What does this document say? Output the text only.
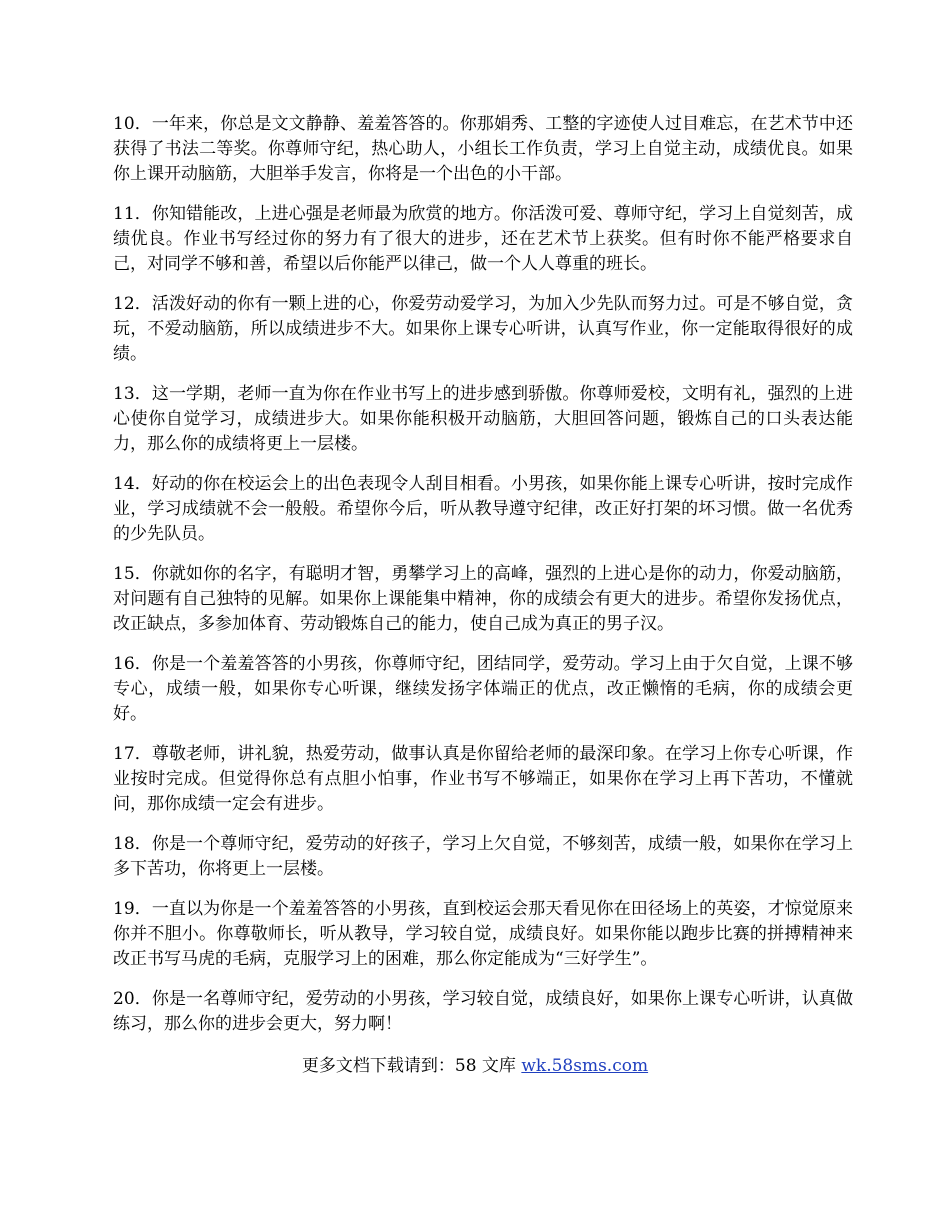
10．一年来，你总是文文静静、羞羞答答的。你那娟秀、工整的字迹使人过目难忘，在艺术节中还获得了书法二等奖。你尊师守纪，热心助人，小组长工作负责，学习上自觉主动，成绩优良。如果你上课开动脑筋，大胆举手发言，你将是一个出色的小干部。

11．你知错能改，上进心强是老师最为欣赏的地方。你活泼可爱、尊师守纪，学习上自觉刻苦，成绩优良。作业书写经过你的努力有了很大的进步，还在艺术节上获奖。但有时你不能严格要求自己，对同学不够和善，希望以后你能严以律己，做一个人人尊重的班长。

12．活泼好动的你有一颗上进的心，你爱劳动爱学习，为加入少先队而努力过。可是不够自觉，贪玩，不爱动脑筋，所以成绩进步不大。如果你上课专心听讲，认真写作业，你一定能取得很好的成绩。

13．这一学期，老师一直为你在作业书写上的进步感到骄傲。你尊师爱校，文明有礼，强烈的上进心使你自觉学习，成绩进步大。如果你能积极开动脑筋，大胆回答问题，锻炼自己的口头表达能力，那么你的成绩将更上一层楼。

14．好动的你在校运会上的出色表现令人刮目相看。小男孩，如果你能上课专心听讲，按时完成作业，学习成绩就不会一般般。希望你今后，听从教导遵守纪律，改正好打架的坏习惯。做一名优秀的少先队员。

15．你就如你的名字，有聪明才智，勇攀学习上的高峰，强烈的上进心是你的动力，你爱动脑筋，对问题有自己独特的见解。如果你上课能集中精神，你的成绩会有更大的进步。希望你发扬优点，改正缺点，多参加体育、劳动锻炼自己的能力，使自己成为真正的男子汉。

16．你是一个羞羞答答的小男孩，你尊师守纪，团结同学，爱劳动。学习上由于欠自觉，上课不够专心，成绩一般，如果你专心听课，继续发扬字体端正的优点，改正懒惰的毛病，你的成绩会更好。

17．尊敬老师，讲礼貌，热爱劳动，做事认真是你留给老师的最深印象。在学习上你专心听课，作业按时完成。但觉得你总有点胆小怕事，作业书写不够端正，如果你在学习上再下苦功，不懂就问，那你成绩一定会有进步。

18．你是一个尊师守纪，爱劳动的好孩子，学习上欠自觉，不够刻苦，成绩一般，如果你在学习上多下苦功，你将更上一层楼。

19．一直以为你是一个羞羞答答的小男孩，直到校运会那天看见你在田径场上的英姿，才惊觉原来你并不胆小。你尊敬师长，听从教导，学习较自觉，成绩良好。如果你能以跑步比赛的拼搏精神来改正书写马虎的毛病，克服学习上的困难，那么你定能成为“三好学生”。

20．你是一名尊师守纪，爱劳动的小男孩，学习较自觉，成绩良好，如果你上课专心听讲，认真做练习，那么你的进步会更大，努力啊！

更多文档下载请到：58 文库 wk.58sms.com
